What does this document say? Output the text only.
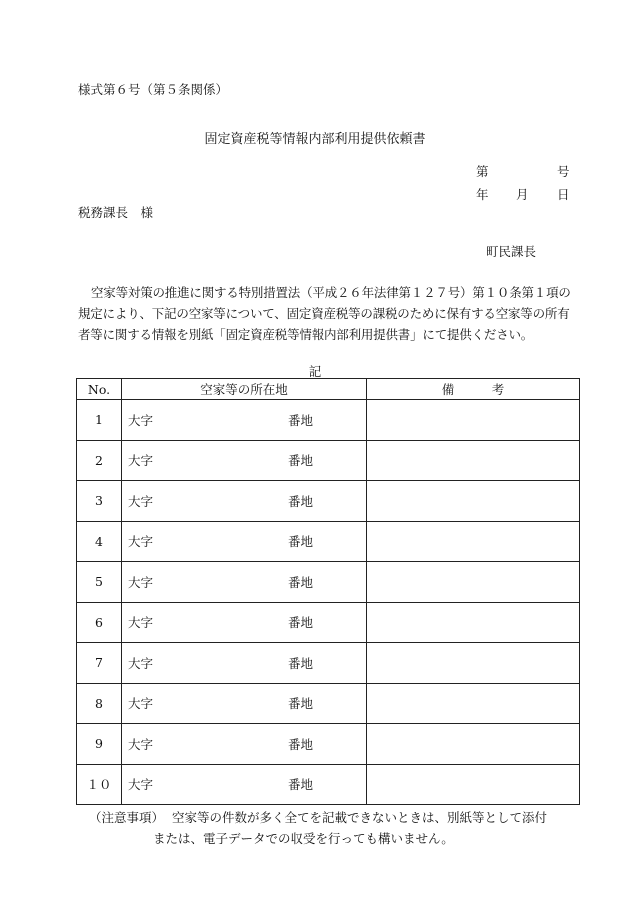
様式第６号（第５条関係）
固定資産税等情報内部利用提供依頼書
第	号
年 月 日
税務課長　様
町民課長
空家等対策の推進に関する特別措置法（平成２６年法律第１２７号）第１０条第１項の規定により、下記の空家等について、固定資産税等の課税のために保有する空家等の所有者等に関する情報を別紙「固定資産税等情報内部利用提供書」にて提供ください。
記
No.	空家等の所在地	備　　　考
1	大字 番地	

2	大字 番地	

3	大字 番地	

4	大字 番地	

5	大字 番地	

6	大字 番地	

7	大字 番地	

8	大字 番地	

9	大字 番地	

１０	大字 番地	

（注意事項） 空家等の件数が多く全てを記載できないときは、別紙等として添付
または、電子データでの収受を行っても構いません。
